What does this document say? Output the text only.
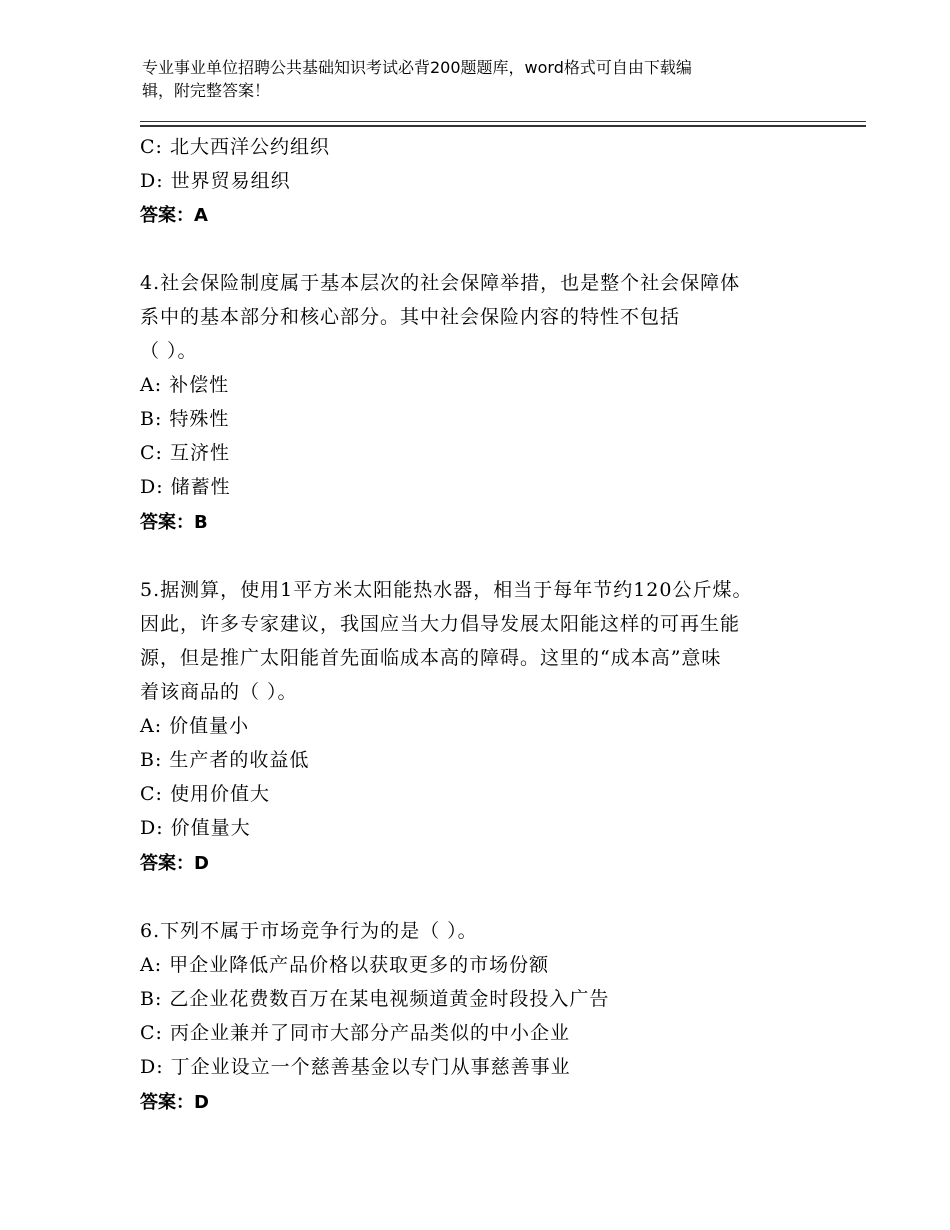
专业事业单位招聘公共基础知识考试必背200题题库，word格式可自由下载编
辑，附完整答案！
C: 北大西洋公约组织
D: 世界贸易组织
答案：A
4.社会保险制度属于基本层次的社会保障举措，也是整个社会保障体
系中的基本部分和核心部分。其中社会保险内容的特性不包括
（ ）。
A: 补偿性
B: 特殊性
C: 互济性
D: 储蓄性
答案：B
5.据测算，使用1平方米太阳能热水器，相当于每年节约120公斤煤。
因此，许多专家建议，我国应当大力倡导发展太阳能这样的可再生能
源，但是推广太阳能首先面临成本高的障碍。这里的“成本高”意味
着该商品的（ ）。
A: 价值量小
B: 生产者的收益低
C: 使用价值大
D: 价值量大
答案：D
6.下列不属于市场竞争行为的是（ ）。
A: 甲企业降低产品价格以获取更多的市场份额
B: 乙企业花费数百万在某电视频道黄金时段投入广告
C: 丙企业兼并了同市大部分产品类似的中小企业
D: 丁企业设立一个慈善基金以专门从事慈善事业
答案：D
